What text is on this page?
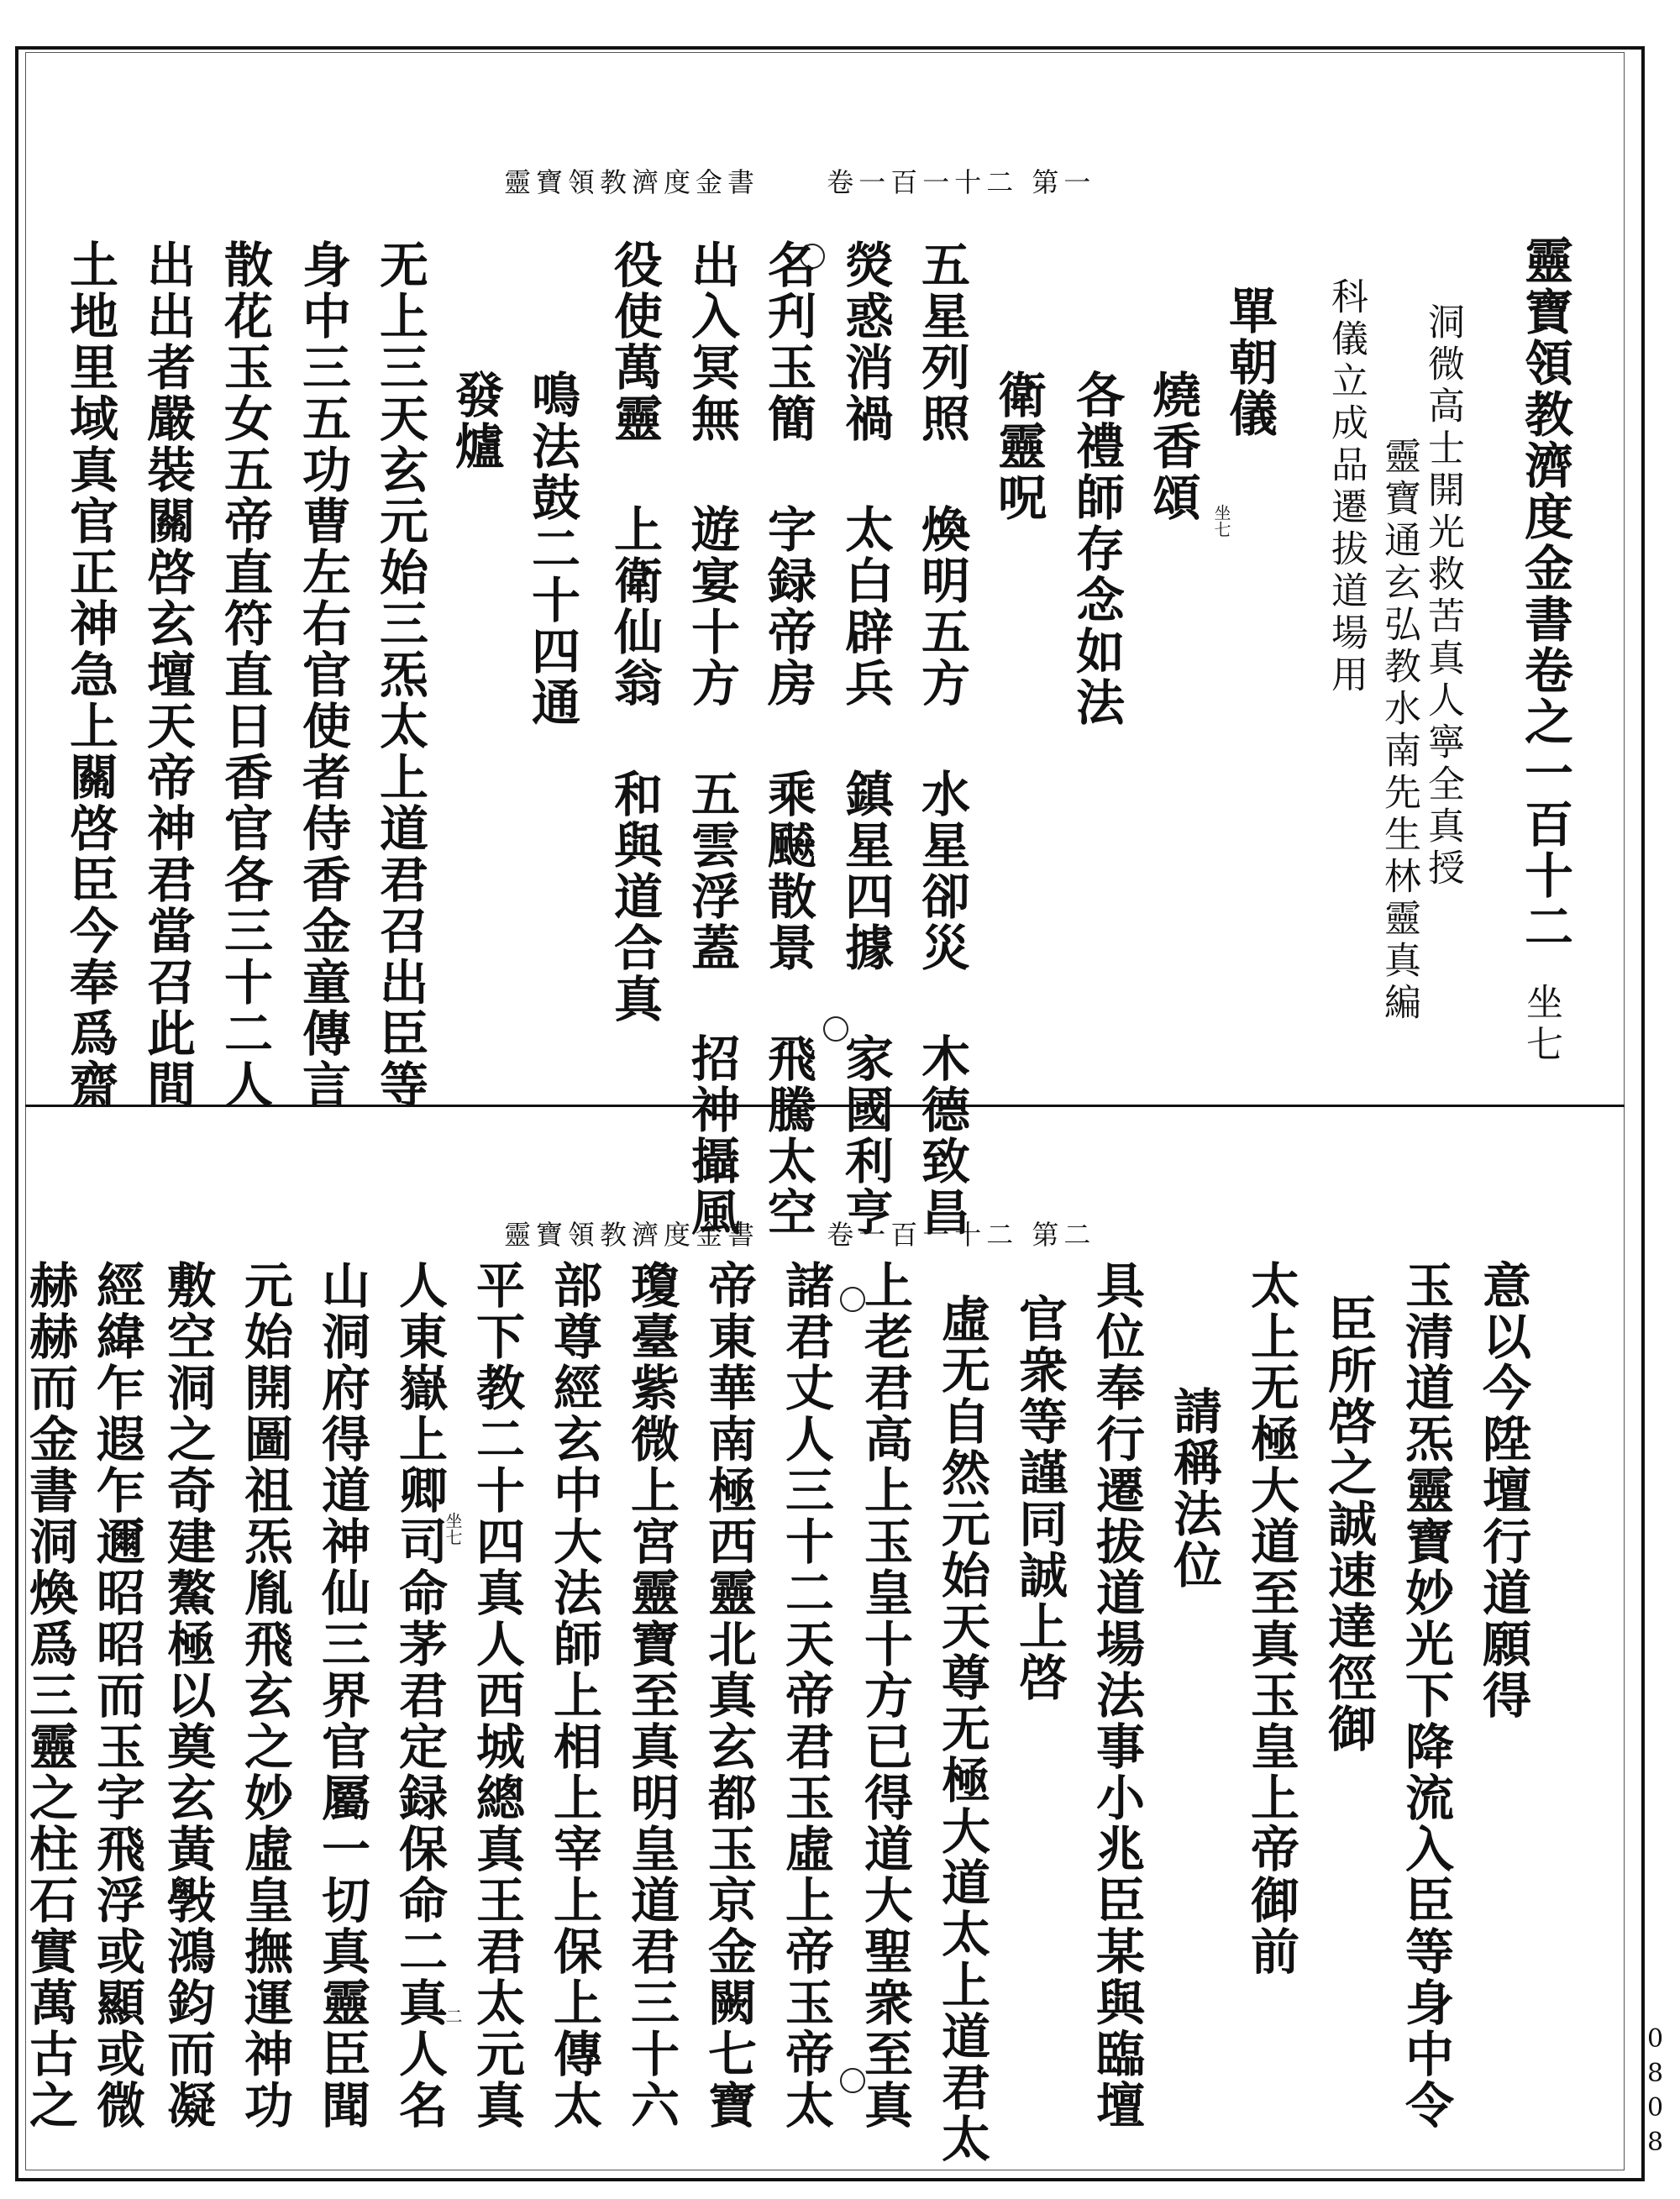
靈寶領教濟度金書	卷一百一十二 第一
靈寶領教濟度金書卷之一百十二
坐七
洞微高士開光救苦真人寧全真授
靈寶通玄弘教水南先生林靈真編
科儀立成品遷拔道場用
單朝儀
燒香頌 坐七
各禮師存念如法
衛靈呪
五星列照 煥明五方 水星卻災 木德致昌
熒惑消禍 太白辟兵 鎮星四據 家國利亨
名刋玉簡 字録帝房 乘飇散景 飛騰太空
出入冥無 遊宴十方 五雲浮蓋 招神攝風
役使萬靈 上衛仙翁 和與道合真
鳴法鼓二十四通
發爐
无上三天玄元始三炁太上道君召出臣等
身中三五功曹左右官使者侍香金童傳言
散花玉女五帝直符直日香官各三十二人
出出者嚴裝關啓玄壇天帝神君當召此間
土地里域真官正神急上關啓臣今奉爲齋
靈寶領教濟度金書	卷一百一十二 第二
意以今陞壇行道願得
玉清道炁靈寶妙光下降流入臣等身中令
臣所啓之誠速達徑御
太上无極大道至真玉皇上帝御前
請稱法位
具位奉行遷拔道場法事小兆臣某與臨壇
官衆等謹同誠上啓
虛无自然元始天尊无極大道太上道君太
上老君高上玉皇十方已得道大聖衆至真
諸君丈人三十二天帝君玉虛上帝玉帝太
帝東華南極西靈北真玄都玉京金闕七寶
瓊臺紫微上宮靈寶至真明皇道君三十六
部尊經玄中大法師上相上宰上保上傳太
平下教二十四真人西城總真王君太元真
坐七
二
人東嶽上卿司命茅君定録保命二真人名
山洞府得道神仙三界官屬一切真靈臣聞
元始開圖祖炁胤飛玄之妙虛皇撫運神功
敷空洞之奇建鰲極以奠玄黃斅鴻鈞而凝
經緯乍遐乍邇昭昭而玉字飛浮或顯或微
赫赫而金書洞煥爲三靈之柱石實萬古之	0808
